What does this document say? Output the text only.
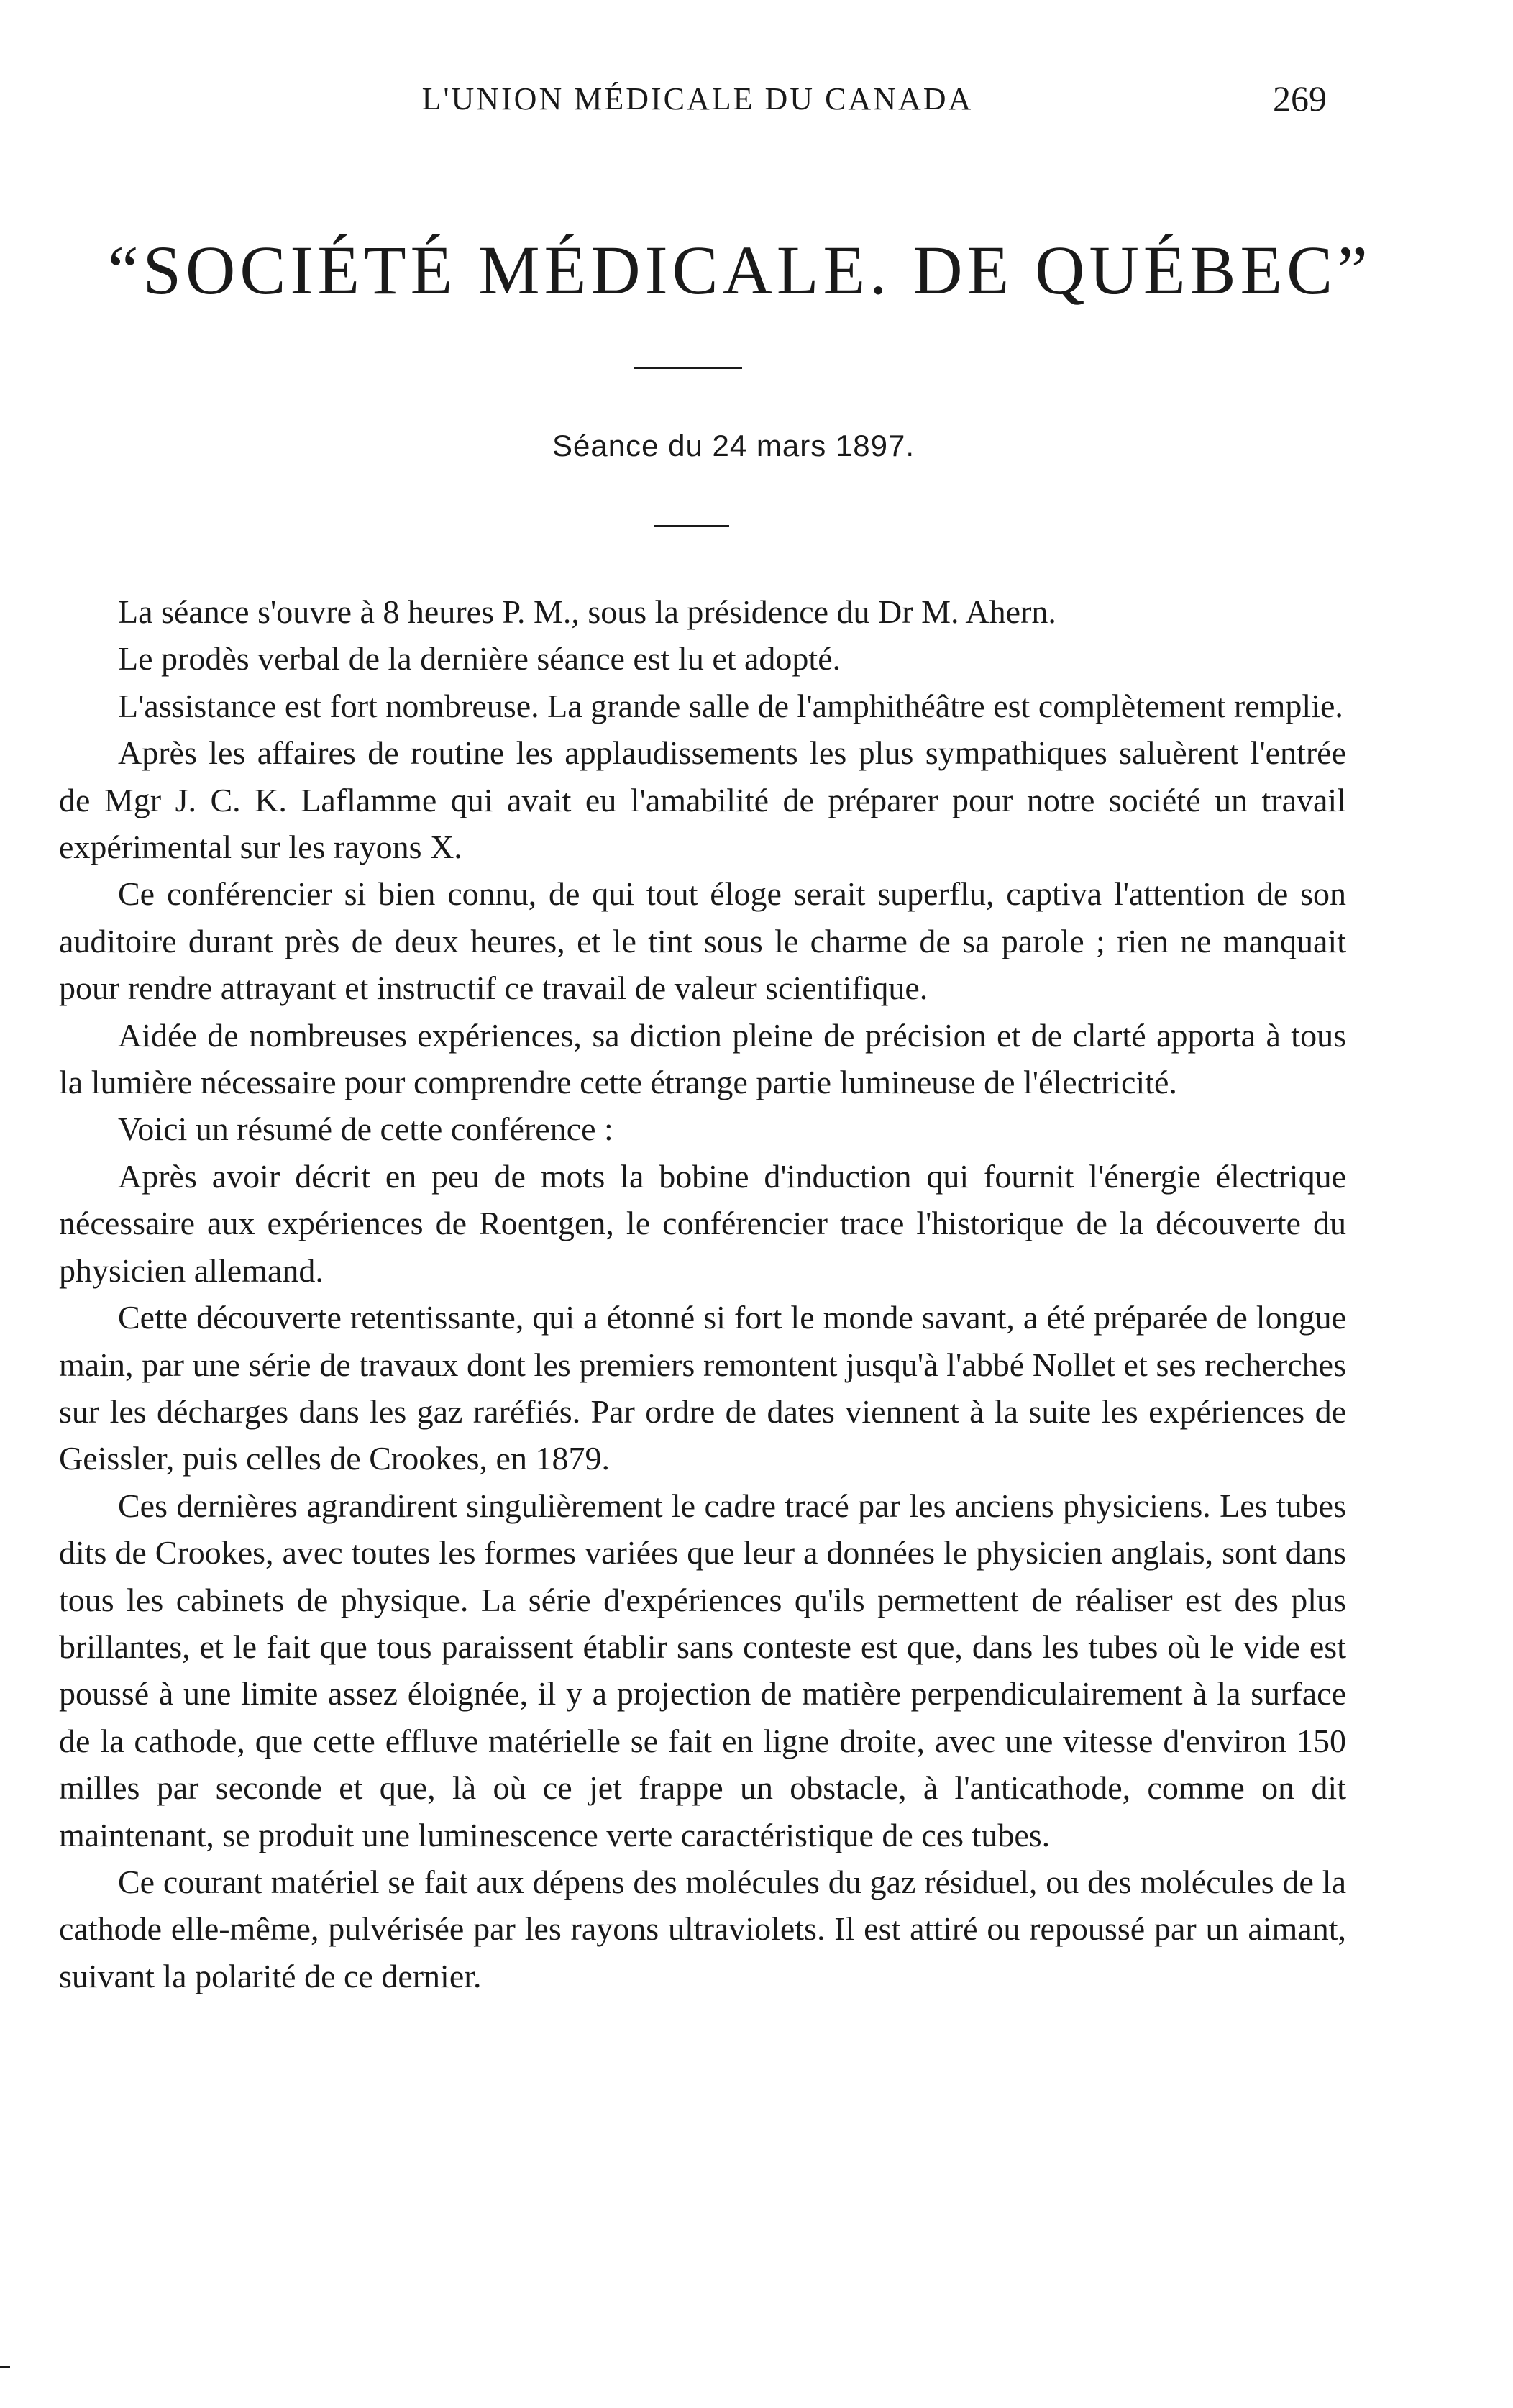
L'UNION MÉDICALE DU CANADA	269
“SOCIÉTÉ MÉDICALE. DE QUÉBEC”
Séance du 24 mars 1897.

La séance s'ouvre à 8 heures P. M., sous la présidence du Dr M. Ahern.

Le prodès verbal de la dernière séance est lu et adopté.

L'assistance est fort nombreuse. La grande salle de l'amphithéâtre est complètement remplie.

Après les affaires de routine les applaudissements les plus sympathiques saluèrent l'entrée de Mgr J. C. K. Laflamme qui avait eu l'amabilité de préparer pour notre société un travail expérimental sur les rayons X.

Ce conférencier si bien connu, de qui tout éloge serait superflu, captiva l'attention de son auditoire durant près de deux heures, et le tint sous le charme de sa parole ; rien ne manquait pour rendre attrayant et instructif ce travail de valeur scientifique.

Aidée de nombreuses expériences, sa diction pleine de précision et de clarté apporta à tous la lumière nécessaire pour comprendre cette étrange partie lumineuse de l'électricité.

Voici un résumé de cette conférence :

Après avoir décrit en peu de mots la bobine d'induction qui fournit l'énergie électrique nécessaire aux expériences de Roentgen, le conférencier trace l'historique de la découverte du physicien allemand.

Cette découverte retentissante, qui a étonné si fort le monde savant, a été préparée de longue main, par une série de travaux dont les premiers remontent jusqu'à l'abbé Nollet et ses recherches sur les décharges dans les gaz raréfiés. Par ordre de dates viennent à la suite les expériences de Geissler, puis celles de Crookes, en 1879.

Ces dernières agrandirent singulièrement le cadre tracé par les anciens physiciens. Les tubes dits de Crookes, avec toutes les formes variées que leur a données le physicien anglais, sont dans tous les cabinets de physique. La série d'expériences qu'ils permettent de réaliser est des plus brillantes, et le fait que tous paraissent établir sans conteste est que, dans les tubes où le vide est poussé à une limite assez éloignée, il y a projection de matière perpendiculairement à la surface de la cathode, que cette effluve matérielle se fait en ligne droite, avec une vitesse d'environ 150 milles par seconde et que, là où ce jet frappe un obstacle, à l'anticathode, comme on dit maintenant, se produit une luminescence verte caractéristique de ces tubes.

Ce courant matériel se fait aux dépens des molécules du gaz résiduel, ou des molécules de la cathode elle-même, pulvérisée par les rayons ultraviolets. Il est attiré ou repoussé par un aimant, suivant la polarité de ce dernier.
